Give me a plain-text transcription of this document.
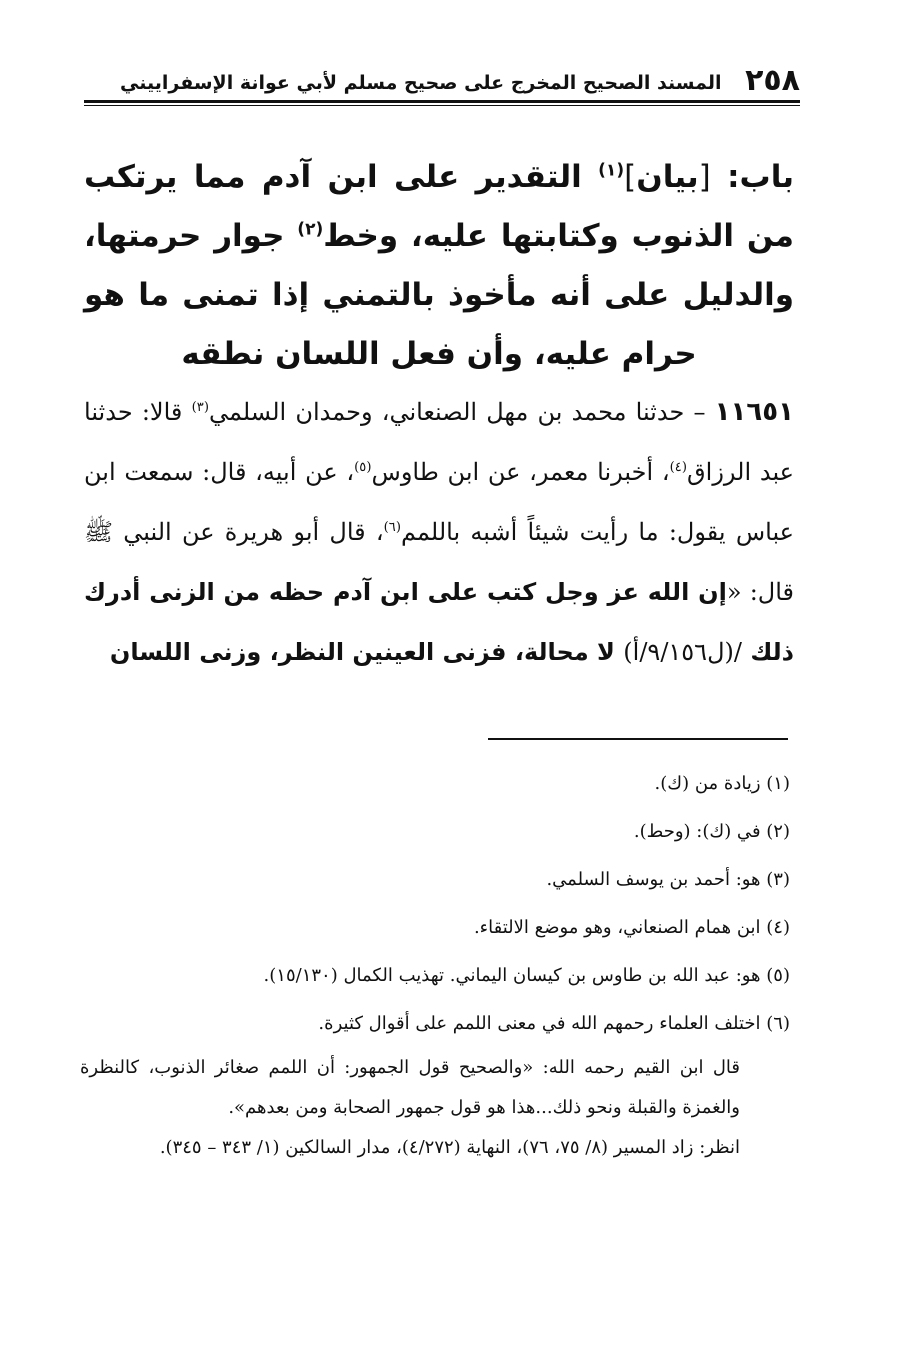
٢٥٨
المسند الصحيح المخرج على صحيح مسلم لأبي عوانة الإسفراييني
باب: [بيان]$^{(١)}$ التقدير على ابن آدم مما يرتكب من الذنوب وكتابتها عليه، وخط$^{(٢)}$ جوار حرمتها، والدليل على أنه مأخوذ بالتمني إذا تمنى ما هو حرام عليه، وأن فعل اللسان نطقه
١١٦٥١ – حدثنا محمد بن مهل الصنعاني، وحمدان السلمي$^{(٣)}$ قالا: حدثنا عبد الرزاق$^{(٤)}$، أخبرنا معمر، عن ابن طاوس$^{(٥)}$، عن أبيه، قال: سمعت ابن عباس يقول: ما رأيت شيئاً أشبه باللمم$^{(٦)}$، قال أبو هريرة عن النبي ﷺ قال: «إن الله عز وجل كتب على ابن آدم حظه من الزنى أدرك ذلك /(ل٩/١٥٦/أ) لا محالة، فزنى العينين النظر، وزنى اللسان
(١) زيادة من (ك).
(٢) في (ك): (وحط).
(٣) هو: أحمد بن يوسف السلمي.
(٤) ابن همام الصنعاني، وهو موضع الالتقاء.
(٥) هو: عبد الله بن طاوس بن كيسان اليماني. تهذيب الكمال (١٥/١٣٠).
(٦) اختلف العلماء رحمهم الله في معنى اللمم على أقوال كثيرة.
قال ابن القيم رحمه الله: «والصحيح قول الجمهور: أن اللمم صغائر الذنوب، كالنظرة والغمزة والقبلة ونحو ذلك...هذا هو قول جمهور الصحابة ومن بعدهم».
انظر: زاد المسير (٨/ ٧٥، ٧٦)، النهاية (٤/٢٧٢)، مدار السالكين (١/ ٣٤٣ – ٣٤٥).
